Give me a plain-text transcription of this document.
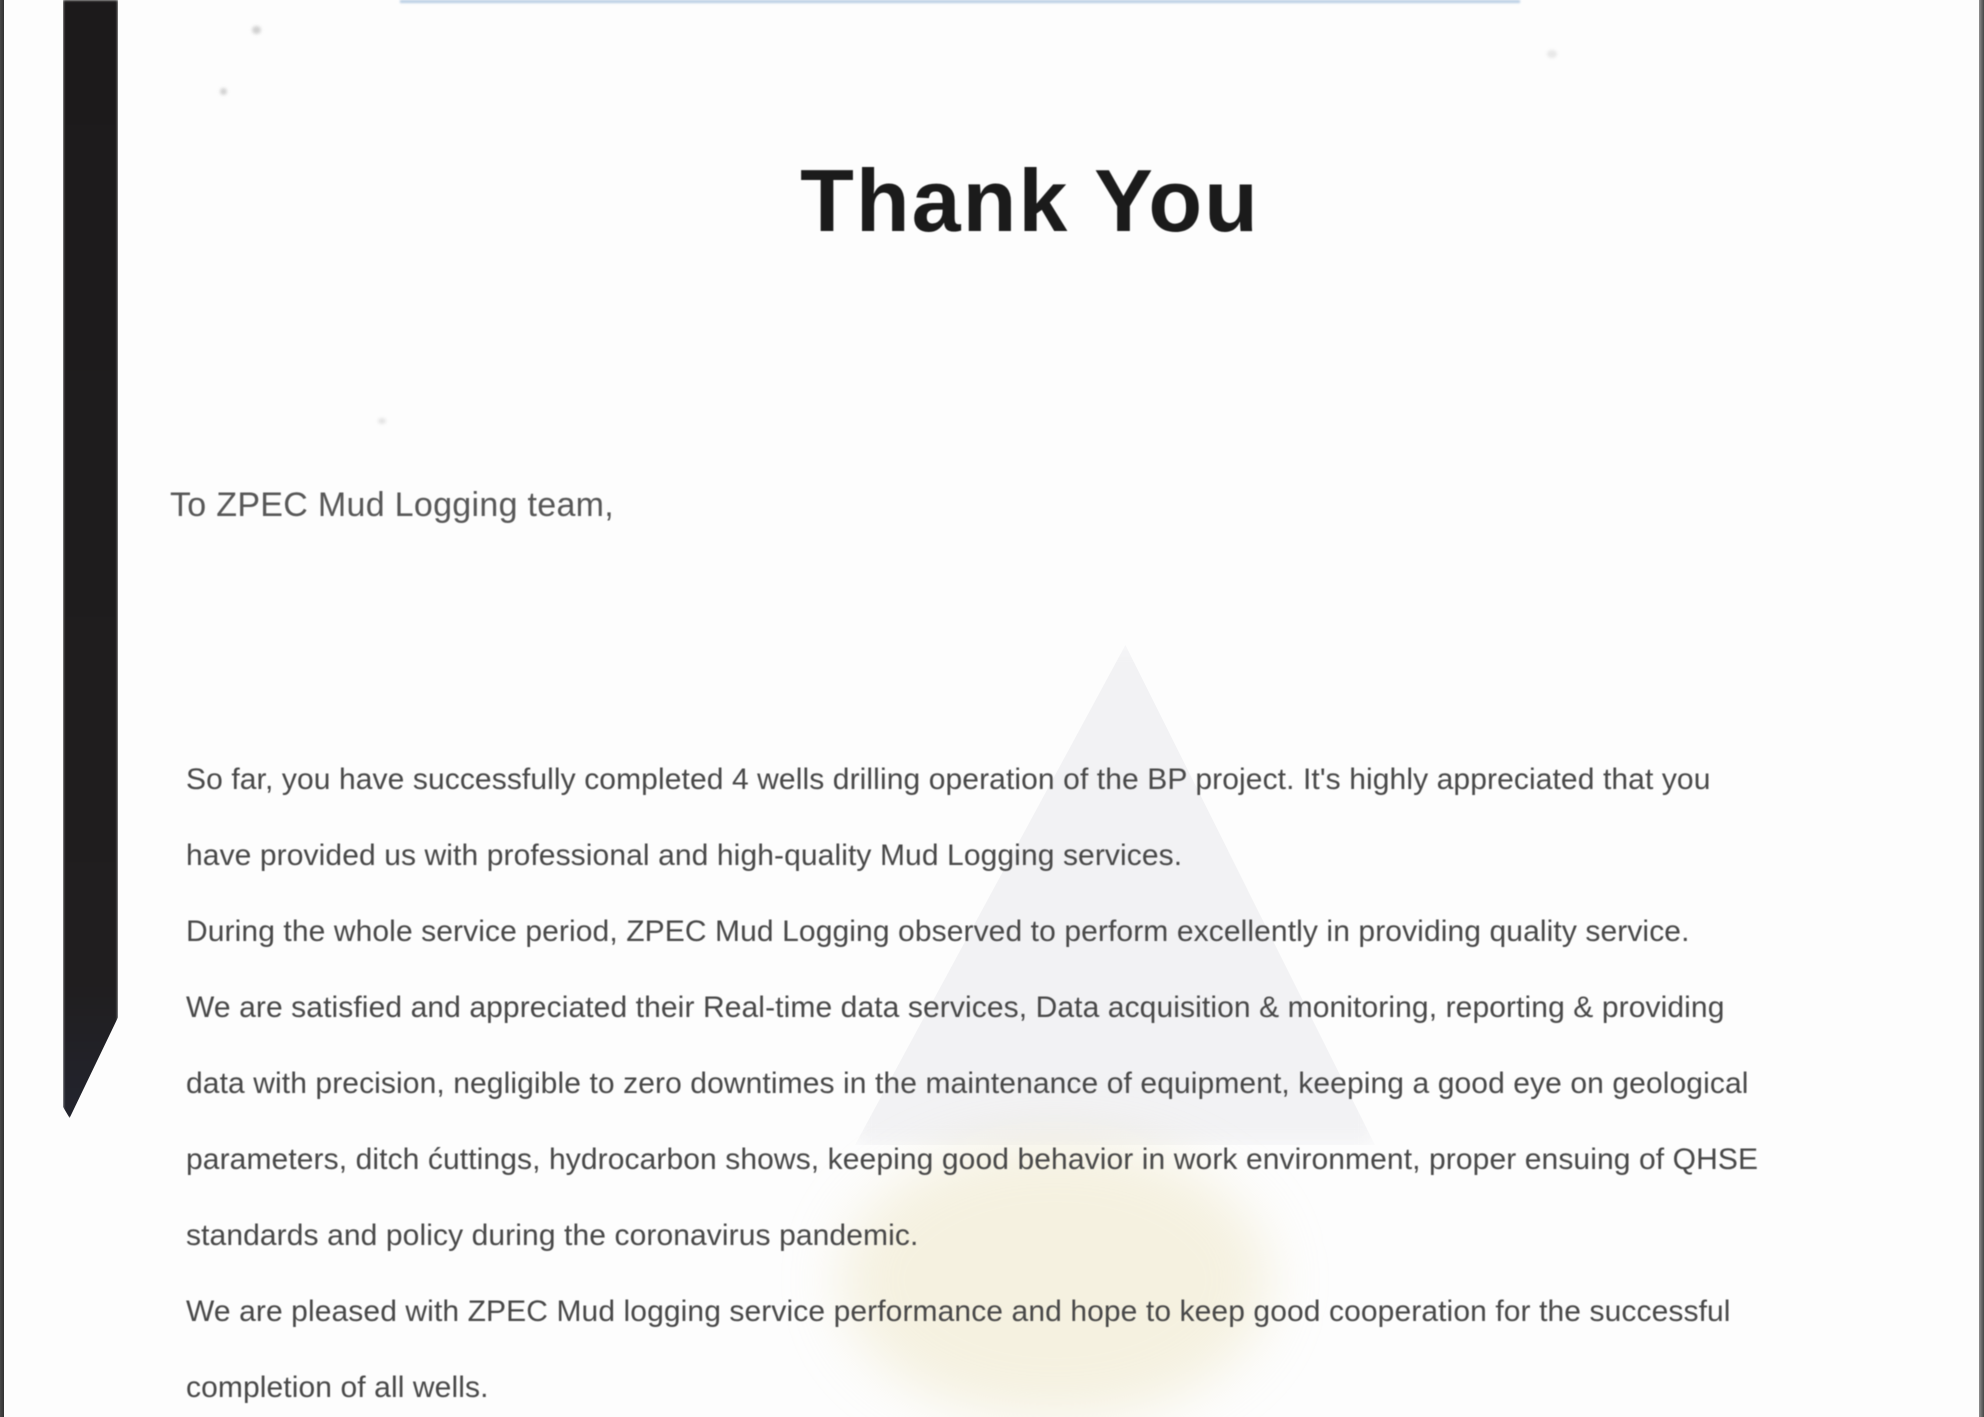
Thank You
To ZPEC Mud Logging team,
So far, you have successfully completed 4 wells drilling operation of the BP project. It's highly appreciated that you
have provided us with professional and high-quality Mud Logging services.
During the whole service period, ZPEC Mud Logging observed to perform excellently in providing quality service.
We are satisfied and appreciated their Real-time data services, Data acquisition & monitoring, reporting & providing
data with precision, negligible to zero downtimes in the maintenance of equipment, keeping a good eye on geological
parameters, ditch ćuttings, hydrocarbon shows, keeping good behavior in work environment, proper ensuing of QHSE
standards and policy during the coronavirus pandemic.
We are pleased with ZPEC Mud logging service performance and hope to keep good cooperation for the successful
completion of all wells.
